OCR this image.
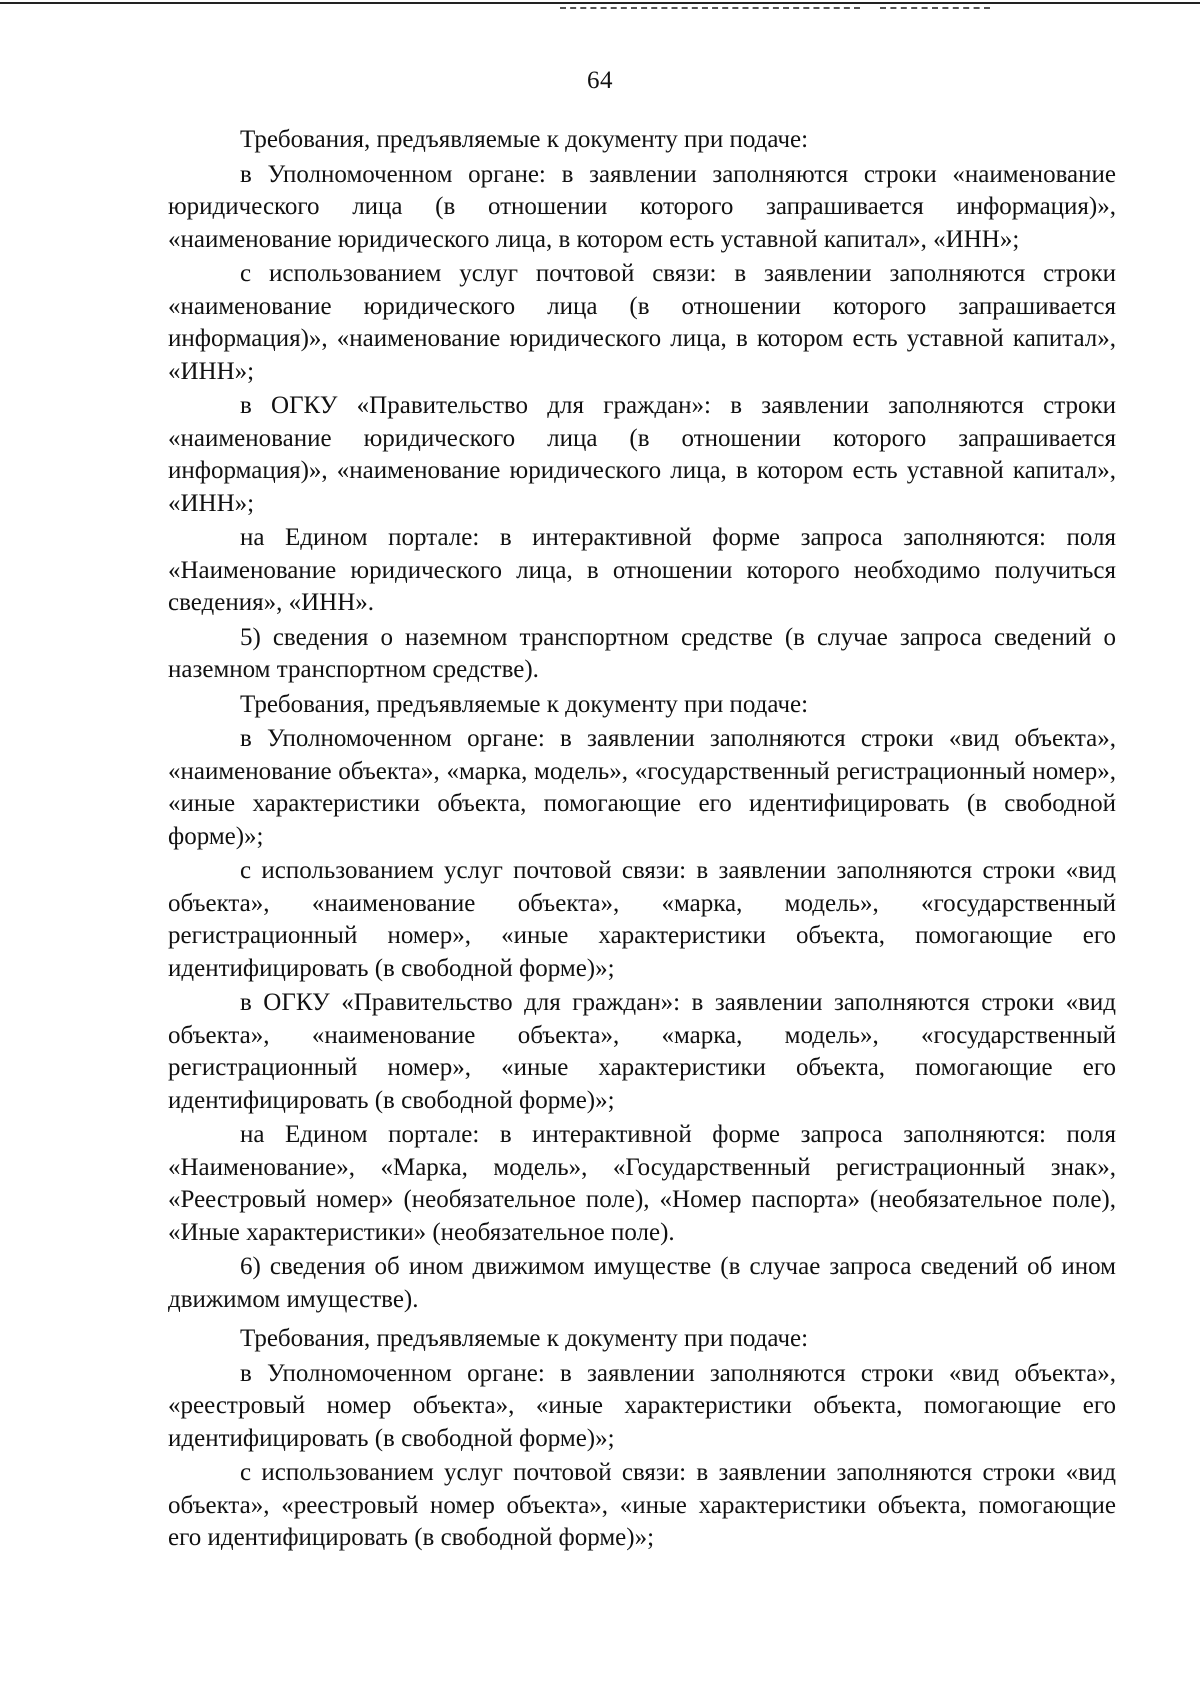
64

Требования, предъявляемые к документу при подаче:

в Уполномоченном органе: в заявлении заполняются строки «наименование юридического лица (в отношении которого запрашивается информация)», «наименование юридического лица, в котором есть уставной капитал», «ИНН»;

с использованием услуг почтовой связи: в заявлении заполняются строки «наименование юридического лица (в отношении которого запрашивается информация)», «наименование юридического лица, в котором есть уставной капитал», «ИНН»;

в ОГКУ «Правительство для граждан»: в заявлении заполняются строки «наименование юридического лица (в отношении которого запрашивается информация)», «наименование юридического лица, в котором есть уставной капитал», «ИНН»;

на Едином портале: в интерактивной форме запроса заполняются: поля «Наименование юридического лица, в отношении которого необходимо получиться сведения», «ИНН».

5) сведения о наземном транспортном средстве (в случае запроса сведений о наземном транспортном средстве).

Требования, предъявляемые к документу при подаче:

в Уполномоченном органе: в заявлении заполняются строки «вид объекта», «наименование объекта», «марка, модель», «государственный регистрационный номер», «иные характеристики объекта, помогающие его идентифицировать (в свободной форме)»;

с использованием услуг почтовой связи: в заявлении заполняются строки «вид объекта», «наименование объекта», «марка, модель», «государственный регистрационный номер», «иные характеристики объекта, помогающие его идентифицировать (в свободной форме)»;

в ОГКУ «Правительство для граждан»: в заявлении заполняются строки «вид объекта», «наименование объекта», «марка, модель», «государственный регистрационный номер», «иные характеристики объекта, помогающие его идентифицировать (в свободной форме)»;

на Едином портале: в интерактивной форме запроса заполняются: поля «Наименование», «Марка, модель», «Государственный регистрационный знак», «Реестровый номер» (необязательное поле), «Номер паспорта» (необязательное поле), «Иные характеристики» (необязательное поле).

6) сведения об ином движимом имуществе (в случае запроса сведений об ином движимом имуществе).

Требования, предъявляемые к документу при подаче:

в Уполномоченном органе: в заявлении заполняются строки «вид объекта», «реестровый номер объекта», «иные характеристики объекта, помогающие его идентифицировать (в свободной форме)»;

с использованием услуг почтовой связи: в заявлении заполняются строки «вид объекта», «реестровый номер объекта», «иные характеристики объекта, помогающие его идентифицировать (в свободной форме)»;
